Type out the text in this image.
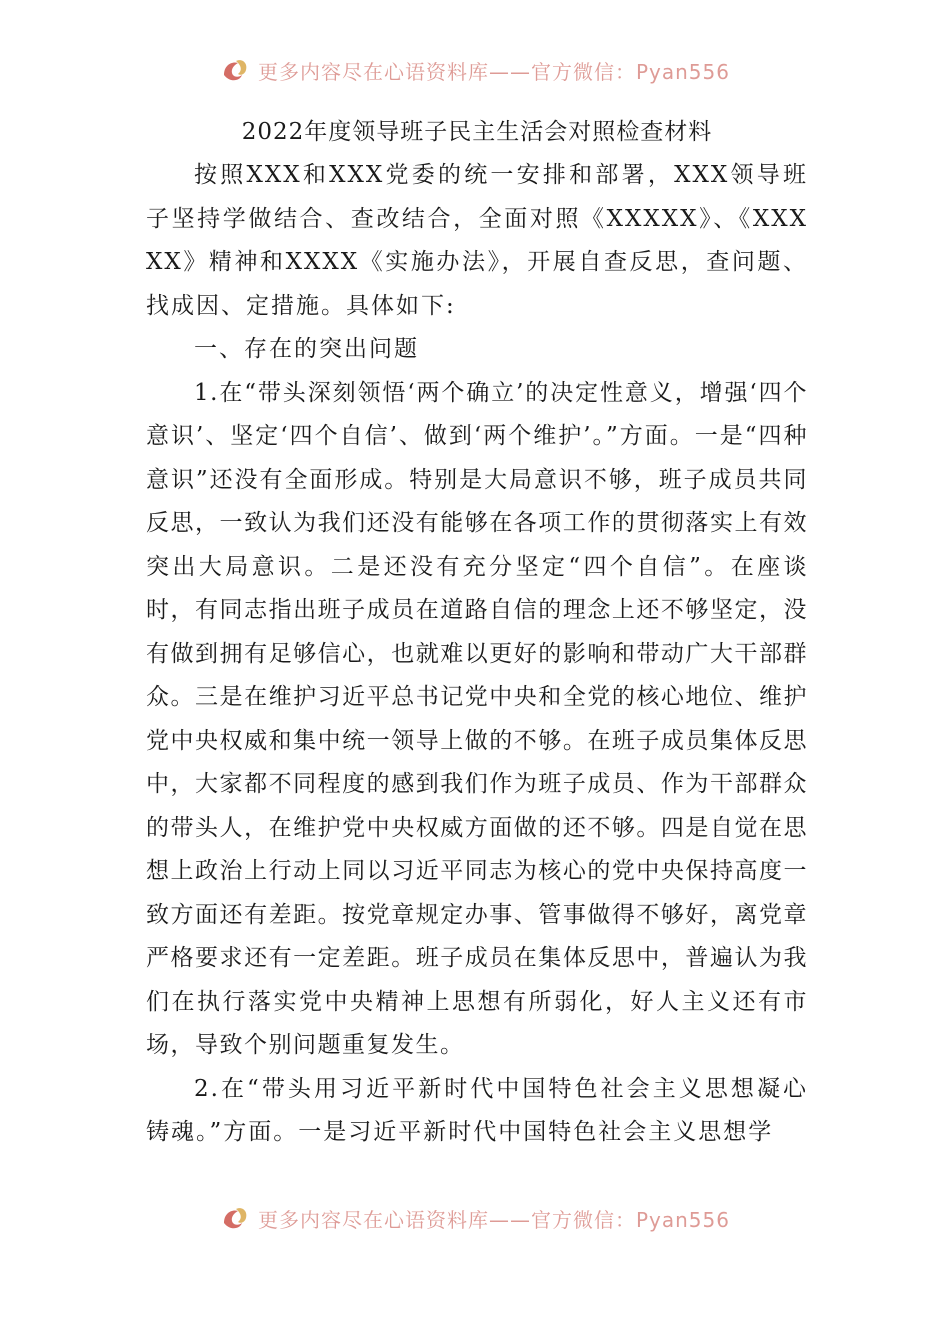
更多内容尽在心语资料库——官方微信：Pyan556

2022年度领导班子民主生活会对照检查材料

按照XXX和XXX党委的统一安排和部署，XXX领导班子坚持学做结合、查改结合，全面对照《XXXXX》、《XXXXX》精神和XXXX《实施办法》，开展自查反思，查问题、找成因、定措施。具体如下:

一、存在的突出问题

1.在“带头深刻领悟‘两个确立’的决定性意义，增强‘四个意识’、坚定‘四个自信’、做到‘两个维护’。”方面。一是“四种意识”还没有全面形成。特别是大局意识不够，班子成员共同反思，一致认为我们还没有能够在各项工作的贯彻落实上有效突出大局意识。二是还没有充分坚定“四个自信”。在座谈时，有同志指出班子成员在道路自信的理念上还不够坚定，没有做到拥有足够信心，也就难以更好的影响和带动广大干部群众。三是在维护习近平总书记党中央和全党的核心地位、维护党中央权威和集中统一领导上做的不够。在班子成员集体反思中，大家都不同程度的感到我们作为班子成员、作为干部群众的带头人，在维护党中央权威方面做的还不够。四是自觉在思想上政治上行动上同以习近平同志为核心的党中央保持高度一致方面还有差距。按党章规定办事、管事做得不够好，离党章严格要求还有一定差距。班子成员在集体反思中，普遍认为我们在执行落实党中央精神上思想有所弱化，好人主义还有市场，导致个别问题重复发生。

2.在“带头用习近平新时代中国特色社会主义思想凝心铸魂。”方面。一是习近平新时代中国特色社会主义思想学

更多内容尽在心语资料库——官方微信：Pyan556
